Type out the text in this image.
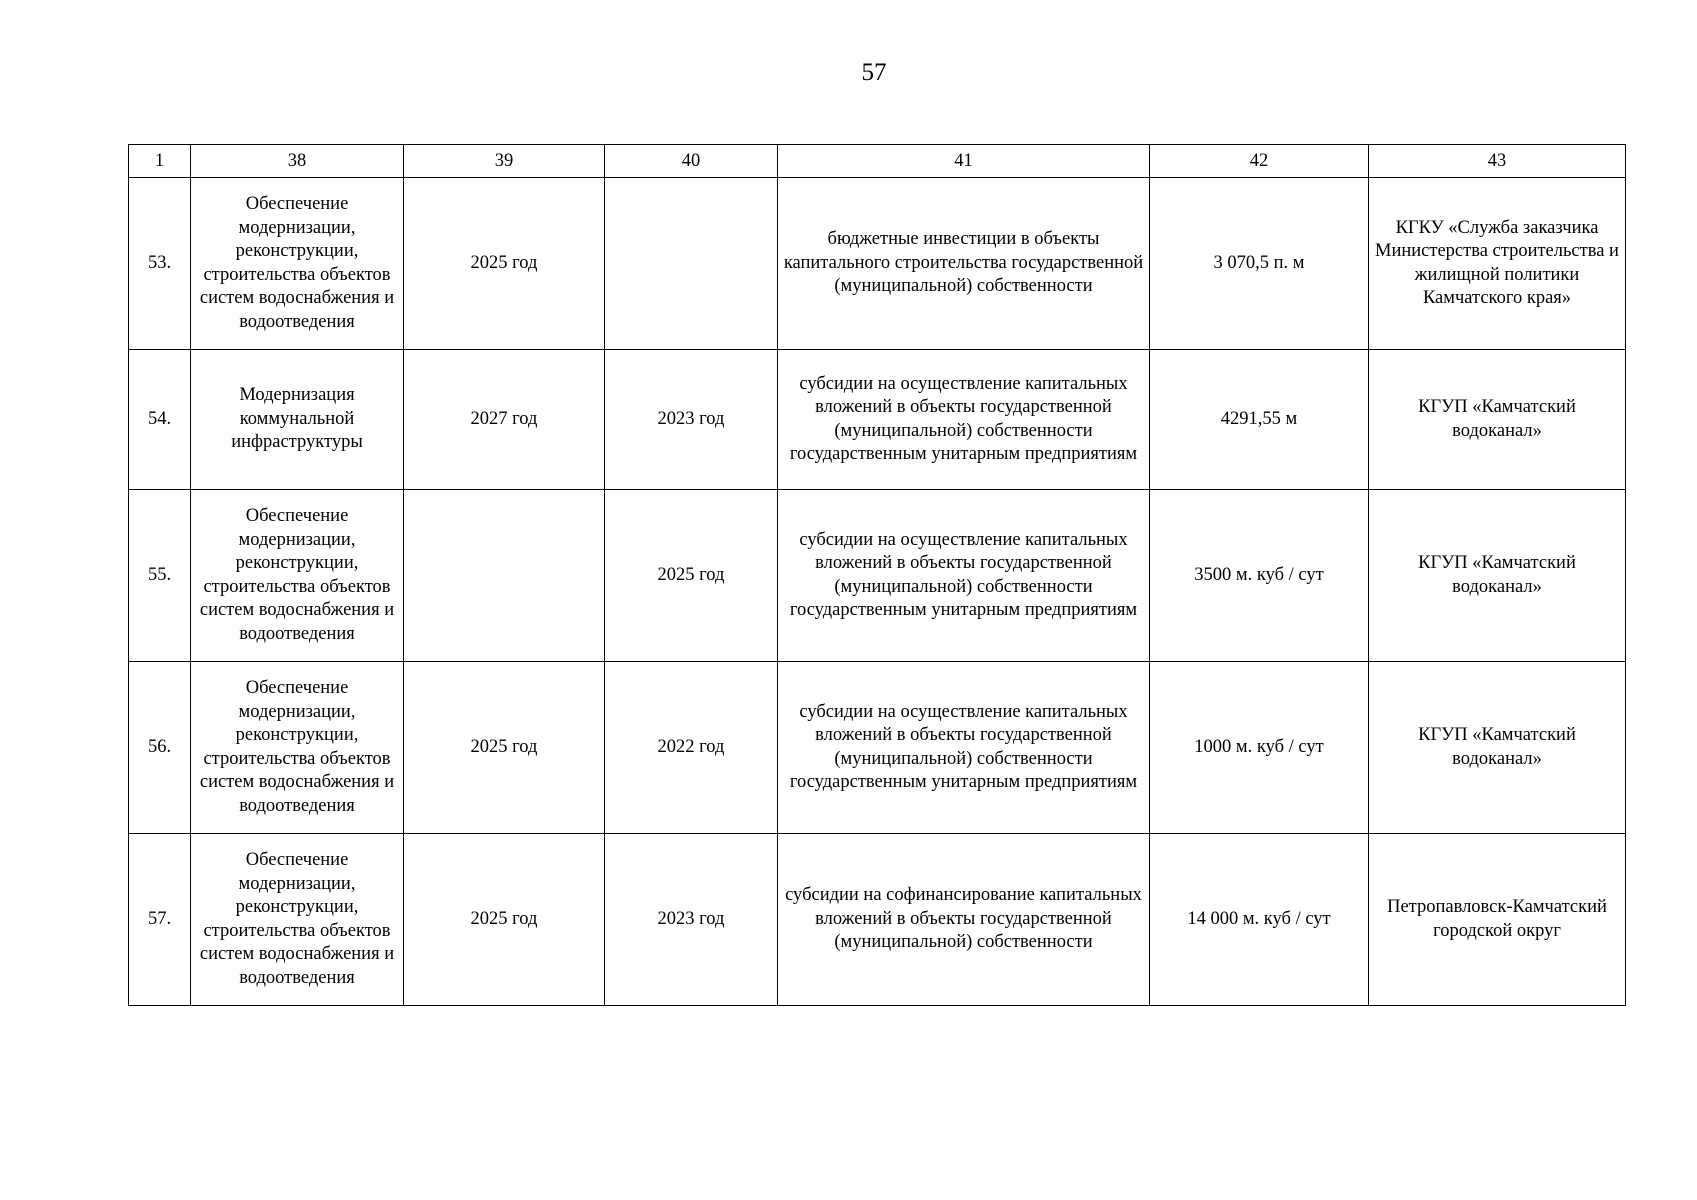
57
1	38	39	40	41	42	43
53.	Обеспечение модернизации, реконструкции, строительства объектов систем водоснабжения и водоотведения	2025 год		бюджетные инвестиции в объекты капитального строительства государственной (муниципальной) собственности	3 070,5 п. м	КГКУ «Служба заказчика Министерства строительства и жилищной политики Камчатского края»
54.	Модернизация коммунальной инфраструктуры	2027 год	2023 год	субсидии на осуществление капитальных вложений в объекты государственной (муниципальной) собственности государственным унитарным предприятиям	4291,55 м	КГУП «Камчатский водоканал»
55.	Обеспечение модернизации, реконструкции, строительства объектов систем водоснабжения и водоотведения		2025 год	субсидии на осуществление капитальных вложений в объекты государственной (муниципальной) собственности государственным унитарным предприятиям	3500 м. куб / сут	КГУП «Камчатский водоканал»
56.	Обеспечение модернизации, реконструкции, строительства объектов систем водоснабжения и водоотведения	2025 год	2022 год	субсидии на осуществление капитальных вложений в объекты государственной (муниципальной) собственности государственным унитарным предприятиям	1000 м. куб / сут	КГУП «Камчатский водоканал»
57.	Обеспечение модернизации, реконструкции, строительства объектов систем водоснабжения и водоотведения	2025 год	2023 год	субсидии на софинансирование капитальных вложений в объекты государственной (муниципальной) собственности	14 000 м. куб / сут	Петропавловск-Камчатский городской округ
